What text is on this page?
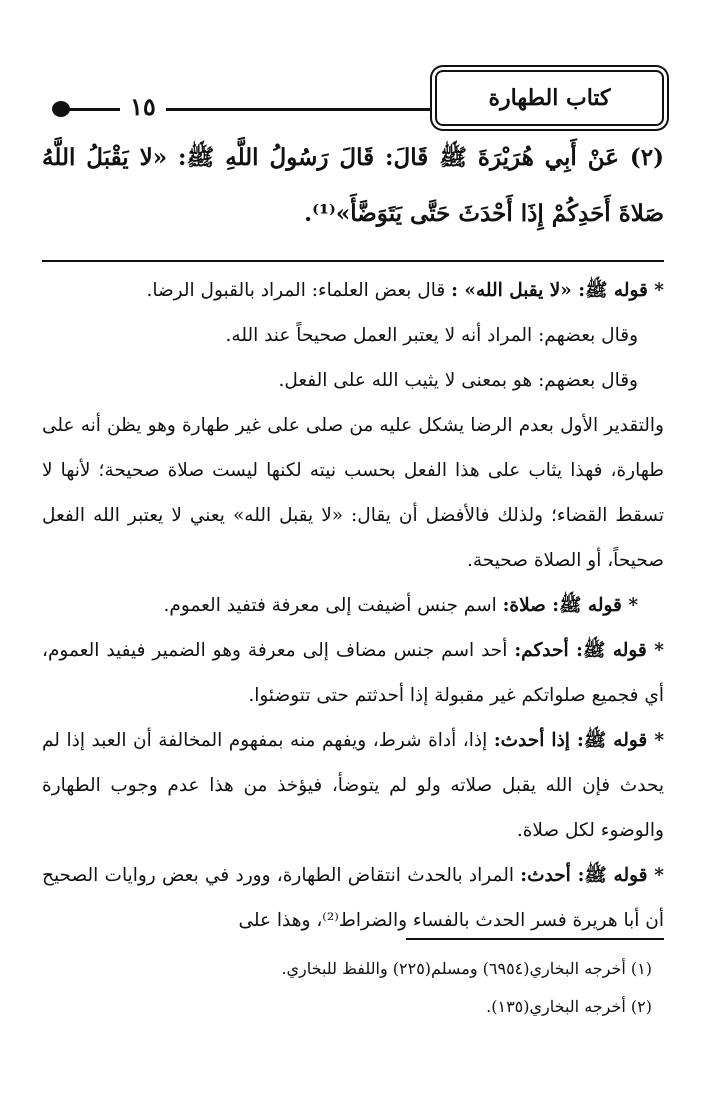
١٥	كتاب الطهارة

(٢) عَنْ أَبِي هُرَيْرَةَ ﷺ قَالَ: قَالَ رَسُولُ اللَّهِ ﷺ: «لا يَقْبَلُ اللَّهُ صَلاةَ أَحَدِكُمْ إِذَا أَحْدَثَ حَتَّى يَتَوَضَّأَ»⁽¹⁾.

* قوله ﷺ: «لا يقبل الله» : قال بعض العلماء: المراد بالقبول الرضا.

وقال بعضهم: المراد أنه لا يعتبر العمل صحيحاً عند الله.

وقال بعضهم: هو بمعنى لا يثيب الله على الفعل.

والتقدير الأول بعدم الرضا يشكل عليه من صلى على غير طهارة وهو يظن أنه على طهارة، فهذا يثاب على هذا الفعل بحسب نيته لكنها ليست صلاة صحيحة؛ لأنها لا تسقط القضاء؛ ولذلك فالأفضل أن يقال: «لا يقبل الله» يعني لا يعتبر الله الفعل صحيحاً، أو الصلاة صحيحة.

* قوله ﷺ: صلاة: اسم جنس أضيفت إلى معرفة فتفيد العموم.

* قوله ﷺ: أحدكم: أحد اسم جنس مضاف إلى معرفة وهو الضمير فيفيد العموم، أي فجميع صلواتكم غير مقبولة إذا أحدثتم حتى تتوضئوا.

* قوله ﷺ: إذا أحدث: إذا، أداة شرط، ويفهم منه بمفهوم المخالفة أن العبد إذا لم يحدث فإن الله يقبل صلاته ولو لم يتوضأ، فيؤخذ من هذا عدم وجوب الطهارة والوضوء لكل صلاة.

* قوله ﷺ: أحدث: المراد بالحدث انتقاض الطهارة، وورد في بعض روايات الصحيح أن أبا هريرة فسر الحدث بالفساء والضراط⁽²⁾، وهذا على

(١) أخرجه البخاري(٦٩٥٤) ومسلم(٢٢٥) واللفظ للبخاري.

(٢) أخرجه البخاري(١٣٥).
